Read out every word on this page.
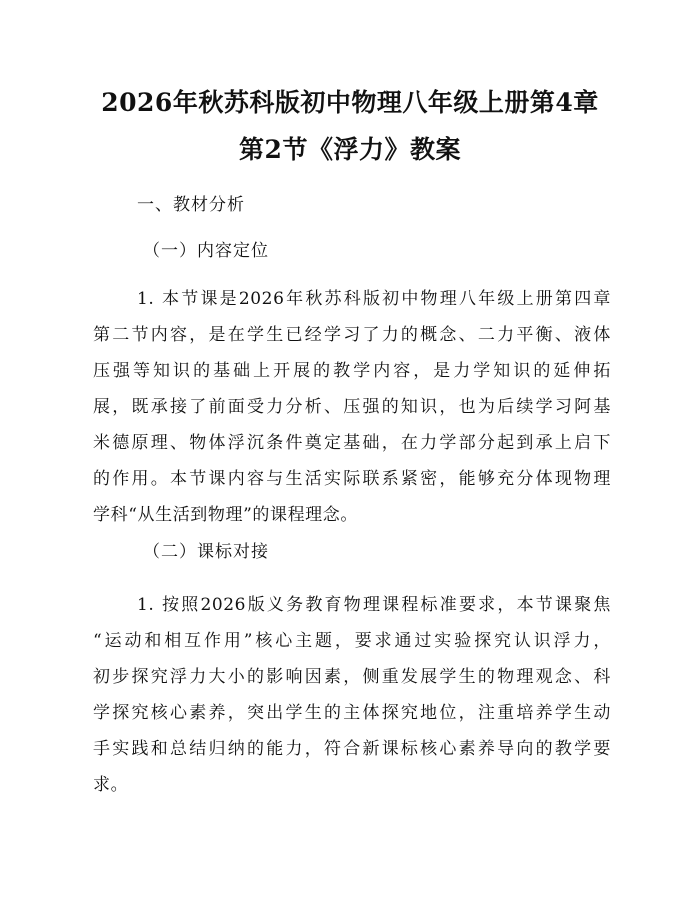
2026年秋苏科版初中物理八年级上册第4章
第2节《浮力》教案
一、教材分析
（一）内容定位
1. 本节课是2026年秋苏科版初中物理八年级上册第四章
第二节内容，是在学生已经学习了力的概念、二力平衡、液体
压强等知识的基础上开展的教学内容，是力学知识的延伸拓
展，既承接了前面受力分析、压强的知识，也为后续学习阿基
米德原理、物体浮沉条件奠定基础，在力学部分起到承上启下
的作用。本节课内容与生活实际联系紧密，能够充分体现物理
学科“从生活到物理”的课程理念。
（二）课标对接
1. 按照2026版义务教育物理课程标准要求，本节课聚焦
“运动和相互作用”核心主题，要求通过实验探究认识浮力，
初步探究浮力大小的影响因素，侧重发展学生的物理观念、科
学探究核心素养，突出学生的主体探究地位，注重培养学生动
手实践和总结归纳的能力，符合新课标核心素养导向的教学要
求。
